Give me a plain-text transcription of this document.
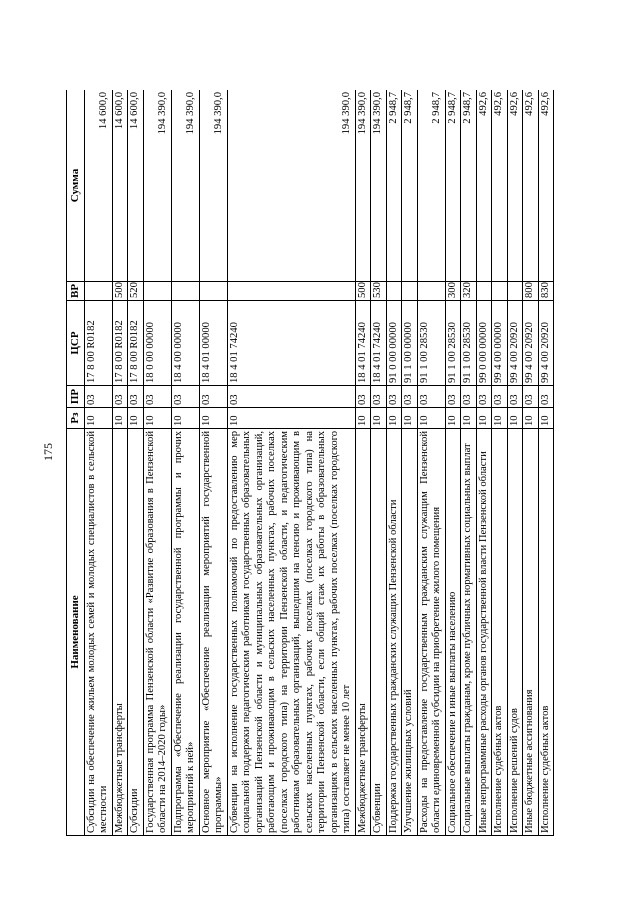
175
Наименование	Рз	ПР	ЦСР	ВР	Сумма
Субсидии на обеспечение жильем молодых семей и молодых специалистов в сельской местности	10	03	17 8 00 R0182		14 600,0
Межбюджетные трансферты	10	03	17 8 00 R0182	500	14 600,0
Субсидии	10	03	17 8 00 R0182	520	14 600,0
Государственная программа Пензенской области «Развитие образования в Пензенской области на 2014–2020 годы»	10	03	18 0 00 00000		194 390,0
Подпрограмма «Обеспечение реализации государственной программы и прочих мероприятий к ней»	10	03	18 4 00 00000		194 390,0
Основное мероприятие «Обеспечение реализации мероприятий государственной программы»	10	03	18 4 01 00000		194 390,0
Субвенции на исполнение государственных полномочий по предоставлению мер социальной поддержки педагогическим работникам государственных образовательных организаций Пензенской области и муниципальных образовательных организаций, работающим и проживающим в сельских населенных пунктах, рабочих поселках (поселках городского типа) на территории Пензенской области, и педагогическим работникам образовательных организаций, вышедшим на пенсию и проживающим в сельских населенных пунктах, рабочих поселках (поселках городского типа) на территории Пензенской области, если общий стаж их работы в образовательных организациях в сельских населенных пунктах, рабочих поселках (поселках городского типа) составляет не менее 10 лет	10	03	18 4 01 74240		194 390,0
Межбюджетные трансферты	10	03	18 4 01 74240	500	194 390,0
Субвенции	10	03	18 4 01 74240	530	194 390,0
Поддержка государственных гражданских служащих Пензенской области	10	03	91 0 00 00000		2 948,7
Улучшение жилищных условий	10	03	91 1 00 00000		2 948,7
Расходы на предоставление государственным гражданским служащим Пензенской области единовременной субсидии на приобретение жилого помещения	10	03	91 1 00 28530		2 948,7
Социальное обеспечение и иные выплаты населению	10	03	91 1 00 28530	300	2 948,7
Социальные выплаты гражданам, кроме публичных нормативных социальных выплат	10	03	91 1 00 28530	320	2 948,7
Иные непрограммные расходы органов государственной власти Пензенской области	10	03	99 0 00 00000		492,6
Исполнение судебных актов	10	03	99 4 00 00000		492,6
Исполнение решений судов	10	03	99 4 00 20920		492,6
Иные бюджетные ассигнования	10	03	99 4 00 20920	800	492,6
Исполнение судебных актов	10	03	99 4 00 20920	830	492,6
